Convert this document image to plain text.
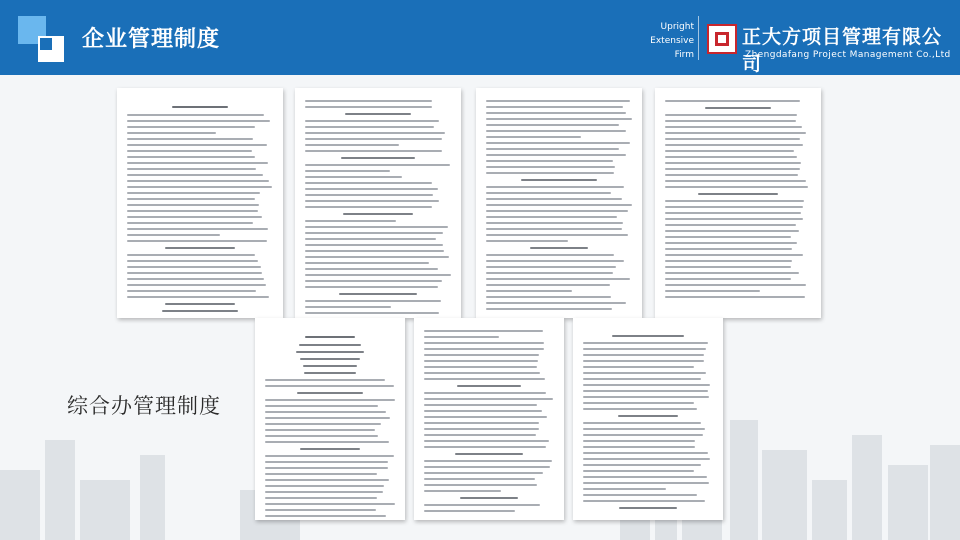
企业管理制度	Upright
Extensive
Firm
正大方项目管理有限公司
Zhengdafang Project Management Co.,Ltd
综合办管理制度
